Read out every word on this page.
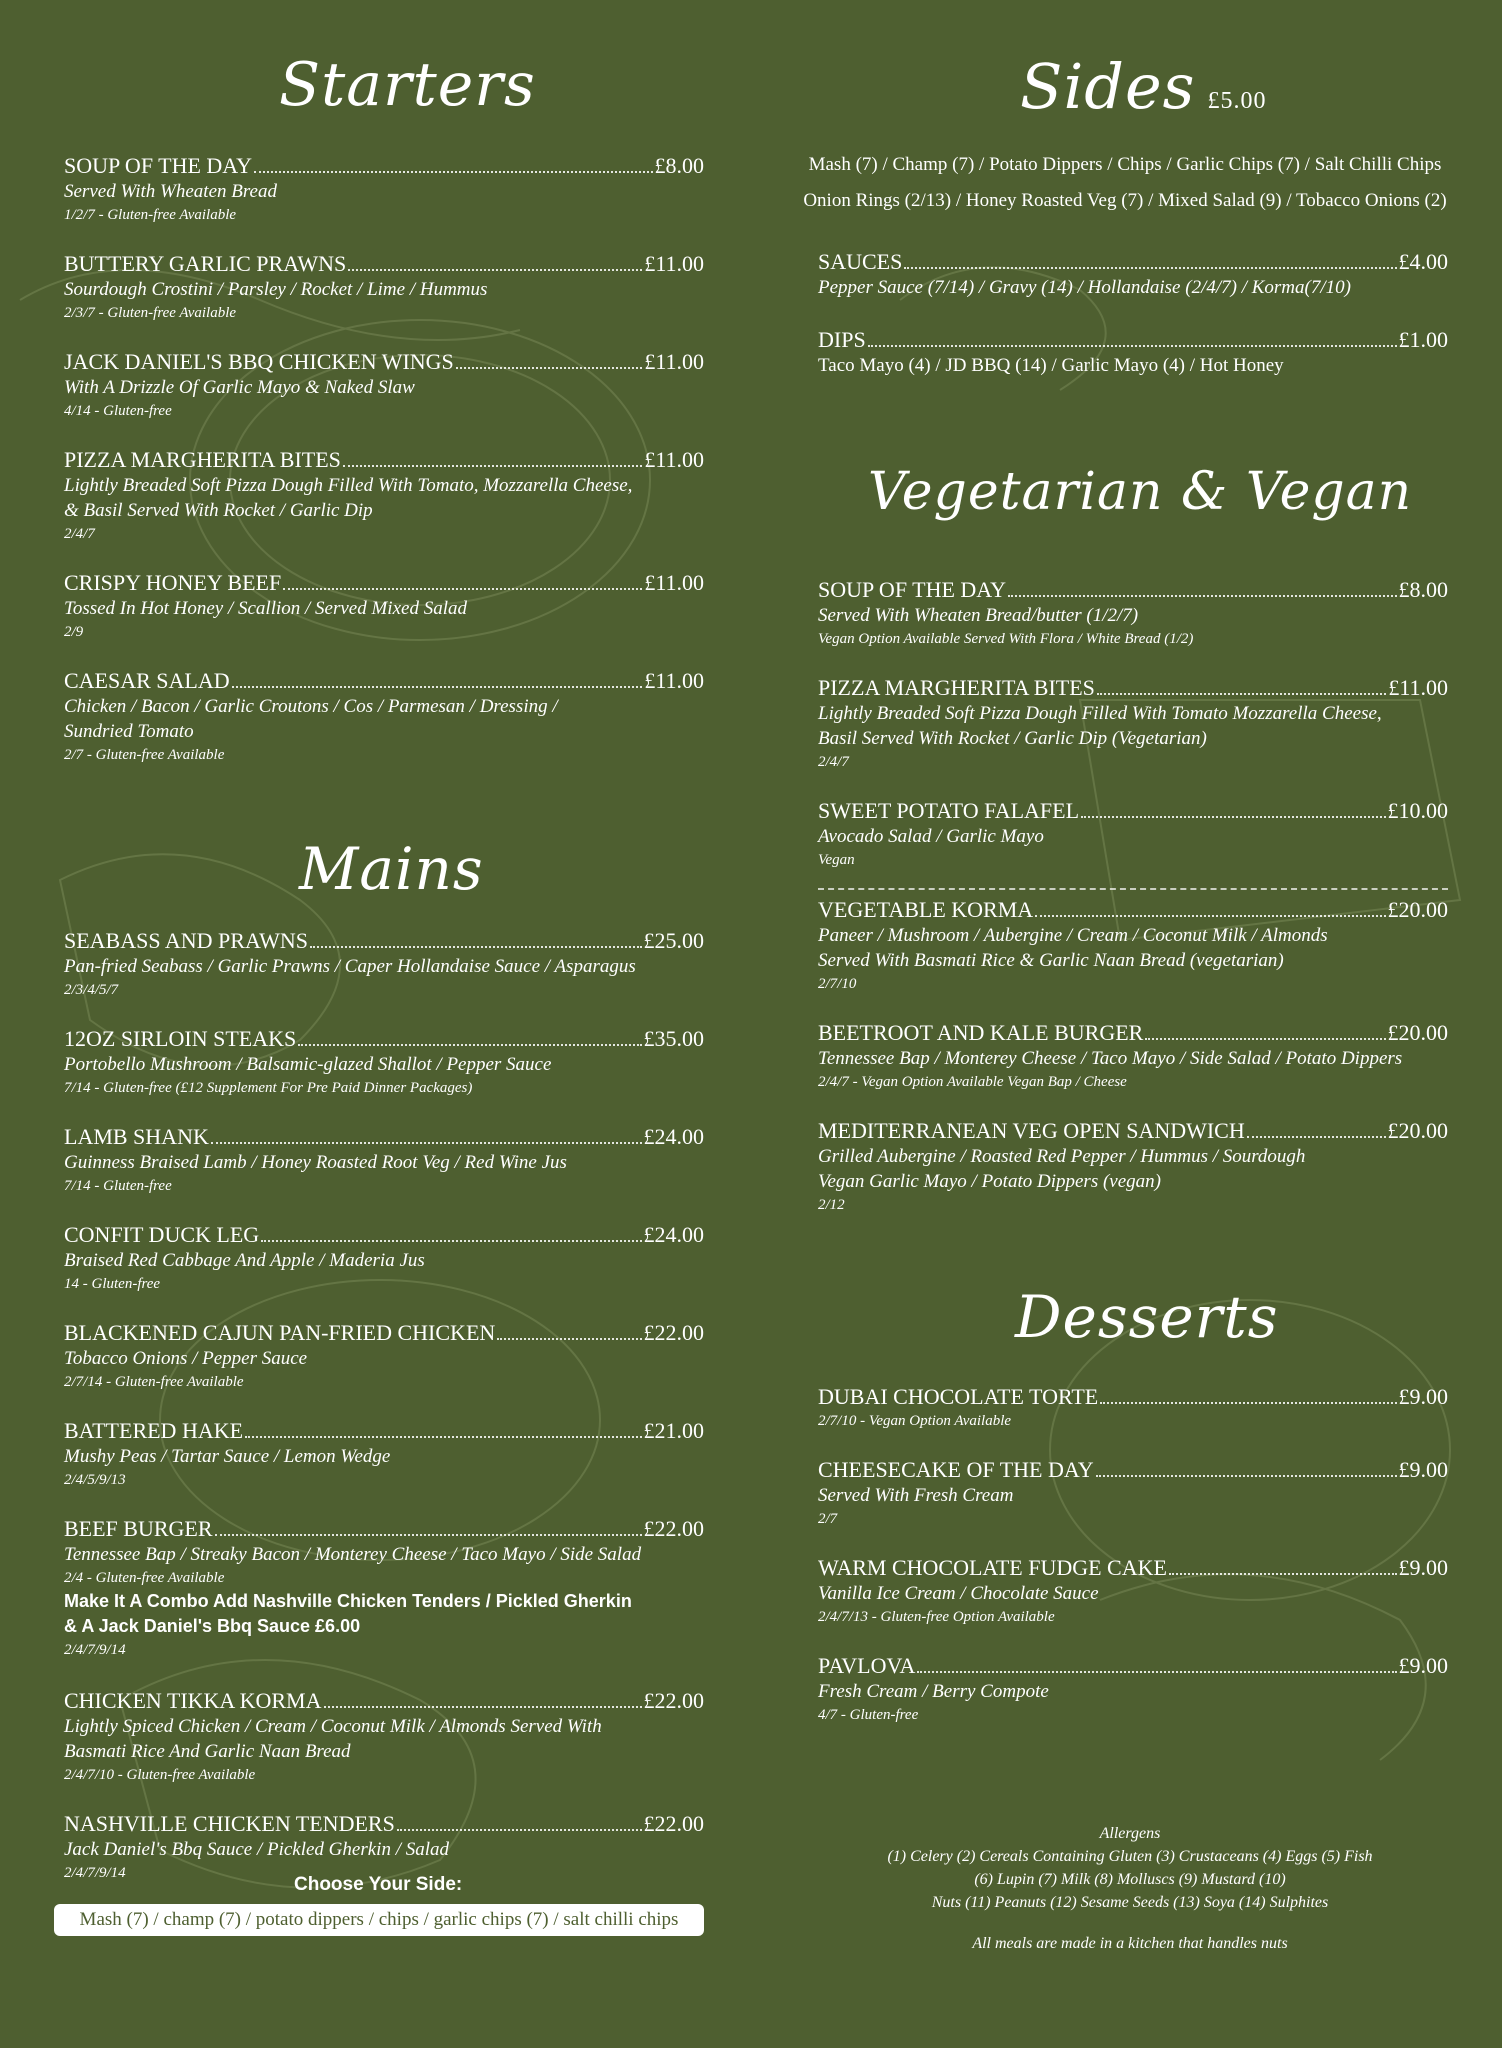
Starters
SOUP OF THE DAY	£8.00
Served With Wheaten Bread
1/2/7 - Gluten-free Available
BUTTERY GARLIC PRAWNS	£11.00
Sourdough Crostini / Parsley / Rocket / Lime / Hummus
2/3/7 - Gluten-free Available
JACK DANIEL'S BBQ CHICKEN WINGS	£11.00
With A Drizzle Of Garlic Mayo & Naked Slaw
4/14 - Gluten-free
PIZZA MARGHERITA BITES	£11.00
Lightly Breaded Soft Pizza Dough Filled With Tomato, Mozzarella Cheese,
& Basil Served With Rocket / Garlic Dip
2/4/7
CRISPY HONEY BEEF	£11.00
Tossed In Hot Honey / Scallion / Served Mixed Salad
2/9
CAESAR SALAD	£11.00
Chicken / Bacon / Garlic Croutons / Cos / Parmesan / Dressing /
Sundried Tomato
2/7 - Gluten-free Available
Mains
SEABASS AND PRAWNS	£25.00
Pan-fried Seabass / Garlic Prawns / Caper Hollandaise Sauce / Asparagus
2/3/4/5/7
12OZ SIRLOIN STEAKS	£35.00
Portobello Mushroom / Balsamic-glazed Shallot / Pepper Sauce
7/14 - Gluten-free (£12 Supplement For Pre Paid Dinner Packages)
LAMB SHANK	£24.00
Guinness Braised Lamb / Honey Roasted Root Veg / Red Wine Jus
7/14 - Gluten-free
CONFIT DUCK LEG	£24.00
Braised Red Cabbage And Apple / Maderia Jus
14 - Gluten-free
BLACKENED CAJUN PAN-FRIED CHICKEN	£22.00
Tobacco Onions / Pepper Sauce
2/7/14 - Gluten-free Available
BATTERED HAKE	£21.00
Mushy Peas / Tartar Sauce / Lemon Wedge
2/4/5/9/13
BEEF BURGER	£22.00
Tennessee Bap / Streaky Bacon / Monterey Cheese / Taco Mayo / Side Salad
2/4 - Gluten-free Available
Make It A Combo Add Nashville Chicken Tenders / Pickled Gherkin
& A Jack Daniel's Bbq Sauce £6.00
2/4/7/9/14
CHICKEN TIKKA KORMA	£22.00
Lightly Spiced Chicken / Cream / Coconut Milk / Almonds Served With
Basmati Rice And Garlic Naan Bread
2/4/7/10 - Gluten-free Available
NASHVILLE CHICKEN TENDERS	£22.00
Jack Daniel's Bbq Sauce / Pickled Gherkin / Salad
2/4/7/9/14
Choose Your Side:
Mash (7) / champ (7) / potato dippers / chips / garlic chips (7) / salt chilli chips
Sides £5.00
Mash (7) / Champ (7) / Potato Dippers / Chips / Garlic Chips (7) / Salt Chilli Chips
Onion Rings (2/13) / Honey Roasted Veg (7) / Mixed Salad (9) / Tobacco Onions (2)
SAUCES	£4.00
Pepper Sauce (7/14) / Gravy (14) / Hollandaise (2/4/7) / Korma(7/10)
DIPS	£1.00
Taco Mayo (4) / JD BBQ (14) / Garlic Mayo (4) / Hot Honey
Vegetarian & Vegan
SOUP OF THE DAY	£8.00
Served With Wheaten Bread/butter (1/2/7)
Vegan Option Available Served With Flora / White Bread (1/2)
PIZZA MARGHERITA BITES	£11.00
Lightly Breaded Soft Pizza Dough Filled With Tomato Mozzarella Cheese,
Basil Served With Rocket / Garlic Dip (Vegetarian)
2/4/7
SWEET POTATO FALAFEL	£10.00
Avocado Salad / Garlic Mayo
Vegan
VEGETABLE KORMA	£20.00
Paneer / Mushroom / Aubergine / Cream / Coconut Milk / Almonds
Served With Basmati Rice & Garlic Naan Bread (vegetarian)
2/7/10
BEETROOT AND KALE BURGER	£20.00
Tennessee Bap / Monterey Cheese / Taco Mayo / Side Salad / Potato Dippers
2/4/7 - Vegan Option Available Vegan Bap / Cheese
MEDITERRANEAN VEG OPEN SANDWICH	£20.00
Grilled Aubergine / Roasted Red Pepper / Hummus / Sourdough
Vegan Garlic Mayo / Potato Dippers (vegan)
2/12
Desserts
DUBAI CHOCOLATE TORTE	£9.00
2/7/10 - Vegan Option Available
CHEESECAKE OF THE DAY	£9.00
Served With Fresh Cream
2/7
WARM CHOCOLATE FUDGE CAKE	£9.00
Vanilla Ice Cream / Chocolate Sauce
2/4/7/13 - Gluten-free Option Available
PAVLOVA	£9.00
Fresh Cream / Berry Compote
4/7 - Gluten-free
Allergens
(1) Celery (2) Cereals Containing Gluten (3) Crustaceans (4) Eggs (5) Fish
(6) Lupin (7) Milk (8) Molluscs (9) Mustard (10)
Nuts (11) Peanuts (12) Sesame Seeds (13) Soya (14) Sulphites
All meals are made in a kitchen that handles nuts
